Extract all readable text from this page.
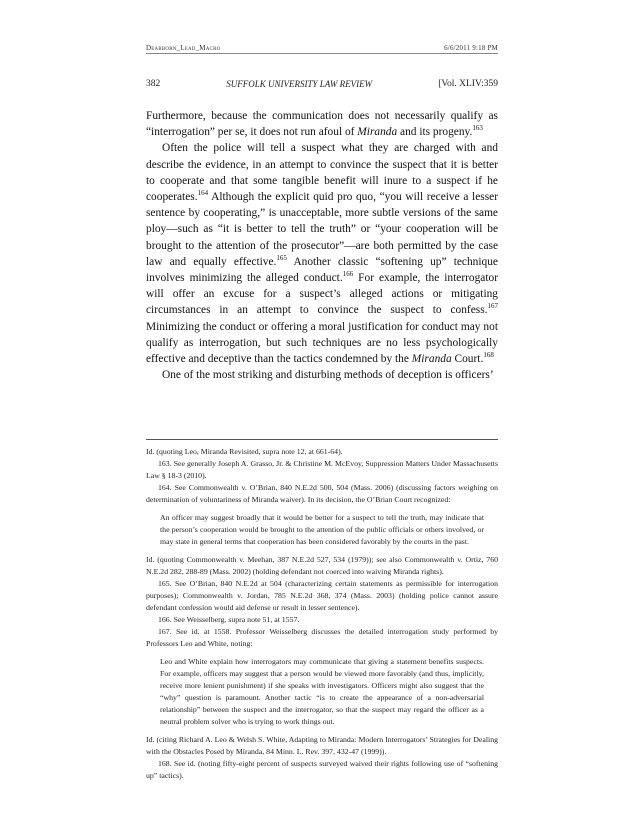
Dearborn_Lead_Macro	6/6/2011 9:18 PM
382	SUFFOLK UNIVERSITY LAW REVIEW	[Vol. XLIV:359

Furthermore, because the communication does not necessarily qualify as “interrogation” per se, it does not run afoul of Miranda and its progeny.$^{163}$

Often the police will tell a suspect what they are charged with and describe the evidence, in an attempt to convince the suspect that it is better to cooperate and that some tangible benefit will inure to a suspect if he cooperates.$^{164}$ Although the explicit quid pro quo, “you will receive a lesser sentence by cooperating,” is unacceptable, more subtle versions of the same ploy—such as “it is better to tell the truth” or “your cooperation will be brought to the attention of the prosecutor”—are both permitted by the case law and equally effective.$^{165}$ Another classic “softening up” technique involves minimizing the alleged conduct.$^{166}$ For example, the interrogator will offer an excuse for a suspect’s alleged actions or mitigating circumstances in an attempt to convince the suspect to confess.$^{167}$ Minimizing the conduct or offering a moral justification for conduct may not qualify as interrogation, but such techniques are no less psychologically effective and deceptive than the tactics condemned by the Miranda Court.$^{168}$

One of the most striking and disturbing methods of deception is officers’

Id. (quoting Leo, Miranda Revisited, supra note 12, at 661-64).

163. See generally Joseph A. Grasso, Jr. & Christine M. McEvoy, Suppression Matters Under Massachusetts Law § 18-3 (2010).

164. See Commonwealth v. O’Brian, 840 N.E.2d 500, 504 (Mass. 2006) (discussing factors weighing on determination of voluntariness of Miranda waiver). In its decision, the O’Brian Court recognized:

An officer may suggest broadly that it would be better for a suspect to tell the truth, may indicate that the person’s cooperation would be brought to the attention of the public officials or others involved, or may state in general terms that cooperation has been considered favorably by the courts in the past.

Id. (quoting Commonwealth v. Meehan, 387 N.E.2d 527, 534 (1979)); see also Commonwealth v. Ortiz, 760 N.E.2d 282, 288-89 (Mass. 2002) (holding defendant not coerced into waiving Miranda rights).

165. See O’Brian, 840 N.E.2d at 504 (characterizing certain statements as permissible for interrogation purposes); Commonwealth v. Jordan, 785 N.E.2d 368, 374 (Mass. 2003) (holding police cannot assure defendant confession would aid defense or result in lesser sentence).

166. See Weisselberg, supra note 51, at 1557.

167. See id. at 1558. Professor Weisselberg discusses the detailed interrogation study performed by Professors Leo and White, noting:

Leo and White explain how interrogators may communicate that giving a statement benefits suspects. For example, officers may suggest that a person would be viewed more favorably (and thus, implicitly, receive more lenient punishment) if she speaks with investigators. Officers might also suggest that the “why” question is paramount. Another tactic “is to create the appearance of a non-adversarial relationship” between the suspect and the interrogator, so that the suspect may regard the officer as a neutral problem solver who is trying to work things out.

Id. (citing Richard A. Leo & Welsh S. White, Adapting to Miranda: Modern Interrogators’ Strategies for Dealing with the Obstacles Posed by Miranda, 84 Minn. L. Rev. 397, 432-47 (1999)).

168. See id. (noting fifty-eight percent of suspects surveyed waived their rights following use of “softening up” tactics).
